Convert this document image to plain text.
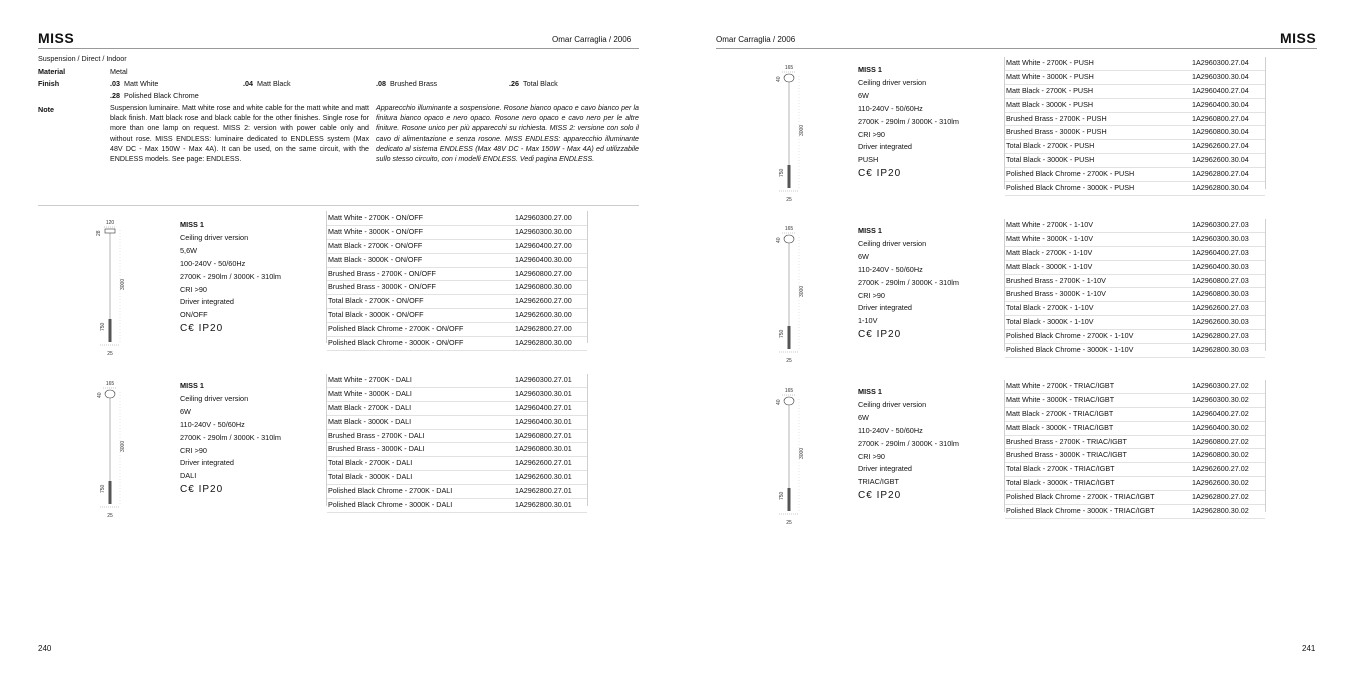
MISS	Omar Carraglia / 2006
Suspension / Direct / Indoor
Material	Metal
Finish	.03 Matt White	.04 Matt Black	.08 Brushed Brass	.26 Total Black
.28 Polished Black Chrome
Note	Suspension luminaire. Matt white rose and white cable for the matt white and matt black finish. Matt black rose and black cable for the other finishes. Single rose for more than one lamp on request. MISS 2: version with power cable only and without rose. MISS ENDLESS: luminaire dedicated to ENDLESS system (Max 48V DC - Max 150W - Max 4A). It can be used, on the same circuit, with the ENDLESS models. See page: ENDLESS.
Apparecchio illuminante a sospensione. Rosone bianco opaco e cavo bianco per la finitura bianco opaco e nero opaco. Rosone nero opaco e cavo nero per le altre finiture. Rosone unico per più apparecchi su richiesta. MISS 2: versione con solo il cavo di alimentazione e senza rosone. MISS ENDLESS: apparecchio illuminante dedicato al sistema ENDLESS (Max 48V DC - Max 150W - Max 4A) ed utilizzabile sullo stesso circuito, con i modelli ENDLESS. Vedi pagina ENDLESS.
120
28
3000
750
25
MISS 1
Ceiling driver version
5,6W
100-240V - 50/60Hz
2700K - 290lm / 3000K - 310lm
CRI >90
Driver integrated
ON/OFF
C€ IP20
Matt White - 2700K - ON/OFF	1A2960300.27.00
Matt White - 3000K - ON/OFF	1A2960300.30.00
Matt Black - 2700K - ON/OFF	1A2960400.27.00
Matt Black - 3000K - ON/OFF	1A2960400.30.00
Brushed Brass - 2700K - ON/OFF	1A2960800.27.00
Brushed Brass - 3000K - ON/OFF	1A2960800.30.00
Total Black - 2700K - ON/OFF	1A2962600.27.00
Total Black - 3000K - ON/OFF	1A2962600.30.00
Polished Black Chrome - 2700K - ON/OFF	1A2962800.27.00
Polished Black Chrome - 3000K - ON/OFF	1A2962800.30.00
165
40
3000
750
25
MISS 1
Ceiling driver version
6W
110-240V - 50/60Hz
2700K - 290lm / 3000K - 310lm
CRI >90
Driver integrated
DALI
C€ IP20
Matt White - 2700K - DALI	1A2960300.27.01
Matt White - 3000K - DALI	1A2960300.30.01
Matt Black - 2700K - DALI	1A2960400.27.01
Matt Black - 3000K - DALI	1A2960400.30.01
Brushed Brass - 2700K - DALI	1A2960800.27.01
Brushed Brass - 3000K - DALI	1A2960800.30.01
Total Black - 2700K - DALI	1A2962600.27.01
Total Black - 3000K - DALI	1A2962600.30.01
Polished Black Chrome - 2700K - DALI	1A2962800.27.01
Polished Black Chrome - 3000K - DALI	1A2962800.30.01
240
Omar Carraglia / 2006	MISS
165
40
3000
750
25
MISS 1
Ceiling driver version
6W
110-240V - 50/60Hz
2700K - 290lm / 3000K - 310lm
CRI >90
Driver integrated
PUSH
C€ IP20
Matt White - 2700K - PUSH	1A2960300.27.04
Matt White - 3000K - PUSH	1A2960300.30.04
Matt Black - 2700K - PUSH	1A2960400.27.04
Matt Black - 3000K - PUSH	1A2960400.30.04
Brushed Brass - 2700K - PUSH	1A2960800.27.04
Brushed Brass - 3000K - PUSH	1A2960800.30.04
Total Black - 2700K - PUSH	1A2962600.27.04
Total Black - 3000K - PUSH	1A2962600.30.04
Polished Black Chrome - 2700K - PUSH	1A2962800.27.04
Polished Black Chrome - 3000K - PUSH	1A2962800.30.04
165
40
3000
750
25
MISS 1
Ceiling driver version
6W
110-240V - 50/60Hz
2700K - 290lm / 3000K - 310lm
CRI >90
Driver integrated
1-10V
C€ IP20
Matt White - 2700K - 1-10V	1A2960300.27.03
Matt White - 3000K - 1-10V	1A2960300.30.03
Matt Black - 2700K - 1-10V	1A2960400.27.03
Matt Black - 3000K - 1-10V	1A2960400.30.03
Brushed Brass - 2700K - 1-10V	1A2960800.27.03
Brushed Brass - 3000K - 1-10V	1A2960800.30.03
Total Black - 2700K - 1-10V	1A2962600.27.03
Total Black - 3000K - 1-10V	1A2962600.30.03
Polished Black Chrome - 2700K - 1-10V	1A2962800.27.03
Polished Black Chrome - 3000K - 1-10V	1A2962800.30.03
165
40
3000
750
25
MISS 1
Ceiling driver version
6W
110-240V - 50/60Hz
2700K - 290lm / 3000K - 310lm
CRI >90
Driver integrated
TRIAC/IGBT
C€ IP20
Matt White - 2700K - TRIAC/IGBT	1A2960300.27.02
Matt White - 3000K - TRIAC/IGBT	1A2960300.30.02
Matt Black - 2700K - TRIAC/IGBT	1A2960400.27.02
Matt Black - 3000K - TRIAC/IGBT	1A2960400.30.02
Brushed Brass - 2700K - TRIAC/IGBT	1A2960800.27.02
Brushed Brass - 3000K - TRIAC/IGBT	1A2960800.30.02
Total Black - 2700K - TRIAC/IGBT	1A2962600.27.02
Total Black - 3000K - TRIAC/IGBT	1A2962600.30.02
Polished Black Chrome - 2700K - TRIAC/IGBT	1A2962800.27.02
Polished Black Chrome - 3000K - TRIAC/IGBT	1A2962800.30.02
241
